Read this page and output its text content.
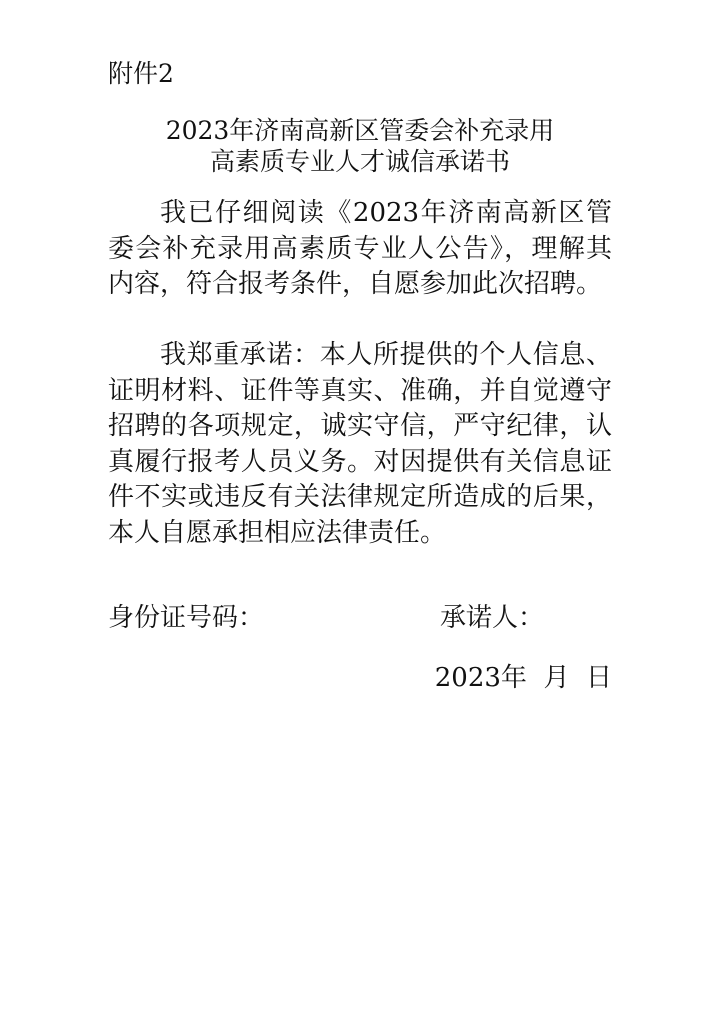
附件2
2023年济南高新区管委会补充录用
高素质专业人才诚信承诺书
我已仔细阅读《2023年济南高新区管委会补充录用高素质专业人公告》，理解其内容，符合报考条件，自愿参加此次招聘。
我郑重承诺：本人所提供的个人信息、证明材料、证件等真实、准确，并自觉遵守招聘的各项规定，诚实守信，严守纪律，认真履行报考人员义务。对因提供有关信息证件不实或违反有关法律规定所造成的后果，本人自愿承担相应法律责任。
身份证号码：	承诺人：
2023年  月  日
